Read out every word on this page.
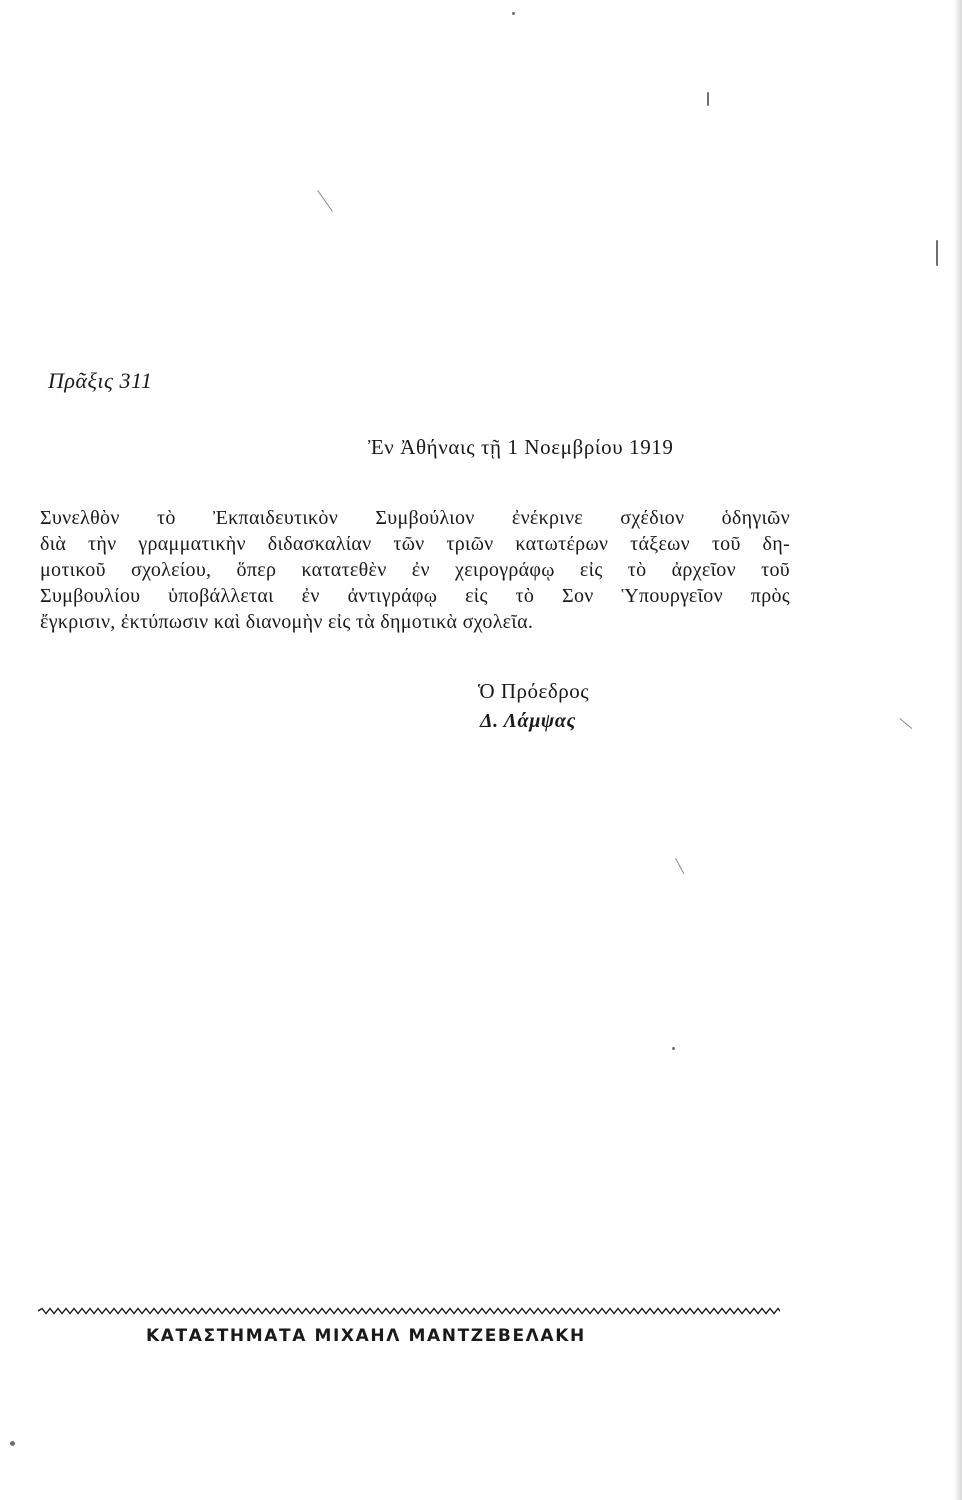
Πρᾶξις 311
Ἐν Ἀθήναις τῇ 1 Νοεμβρίου 1919
Συνελθὸν τὸ Ἐκπαιδευτικὸν Συμβούλιον ἐνέκρινε σχέδιον ὁδηγιῶν
διὰ τὴν γραμματικὴν διδασκαλίαν τῶν τριῶν κατωτέρων τάξεων τοῦ δη-
μοτικοῦ σχολείου, ὅπερ κατατεθὲν ἐν χειρογράφῳ εἰς τὸ ἀρχεῖον τοῦ
Συμβουλίου ὑποβάλλεται ἐν ἀντιγράφῳ εἰς τὸ Σον Ὑπουργεῖον πρὸς
ἔγκρισιν, ἐκτύπωσιν καὶ διανομὴν εἰς τὰ δημοτικὰ σχολεῖα.
Ὁ Πρόεδρος
Δ. Λάμψας
ΚΑΤΑΣΤΗΜΑΤΑ ΜΙΧΑΗΛ ΜΑΝΤΖΕΒΕΛΑΚΗ
